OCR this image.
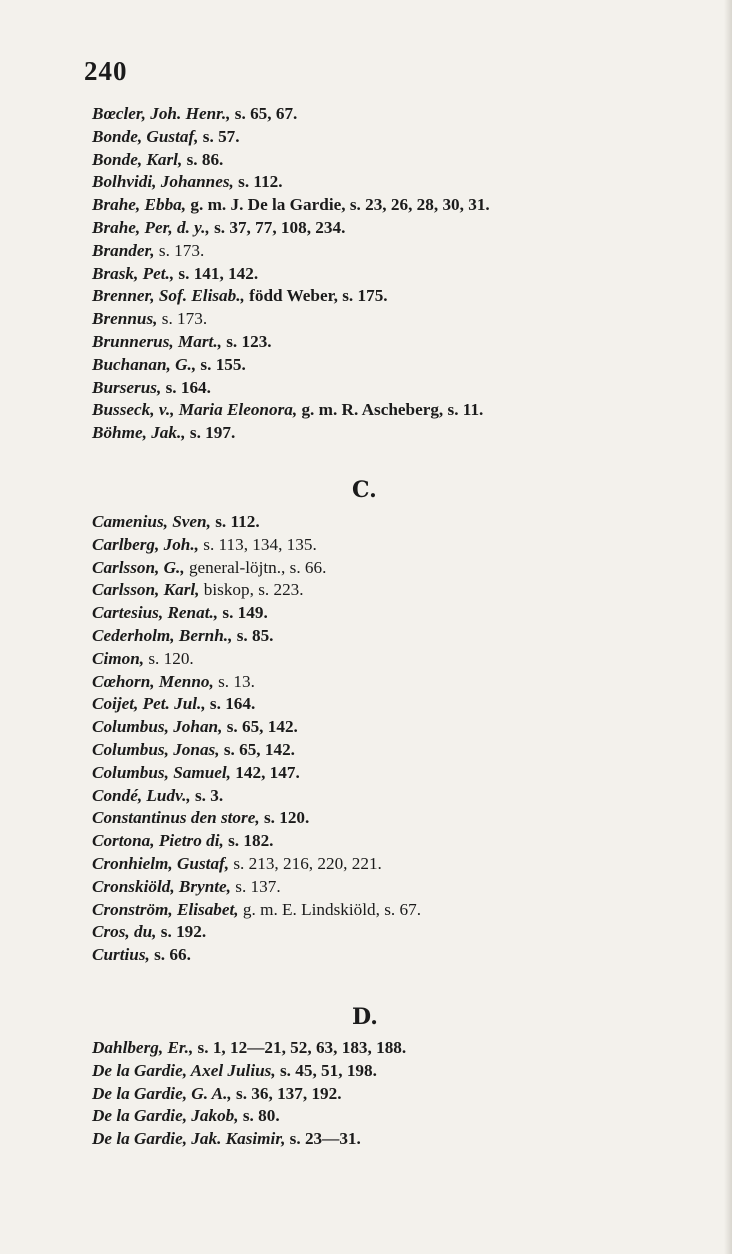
240
Bœcler, Joh. Henr., s. 65, 67.
Bonde, Gustaf, s. 57.
Bonde, Karl, s. 86.
Bolhvidi, Johannes, s. 112.
Brahe, Ebba, g. m. J. De la Gardie, s. 23, 26, 28, 30, 31.
Brahe, Per, d. y., s. 37, 77, 108, 234.
Brander, s. 173.
Brask, Pet., s. 141, 142.
Brenner, Sof. Elisab., född Weber, s. 175.
Brennus, s. 173.
Brunnerus, Mart., s. 123.
Buchanan, G., s. 155.
Burserus, s. 164.
Busseck, v., Maria Eleonora, g. m. R. Ascheberg, s. 11.
Böhme, Jak., s. 197.
C.
Camenius, Sven, s. 112.
Carlberg, Joh., s. 113, 134, 135.
Carlsson, G., general-löjtn., s. 66.
Carlsson, Karl, biskop, s. 223.
Cartesius, Renat., s. 149.
Cederholm, Bernh., s. 85.
Cimon, s. 120.
Cœhorn, Menno, s. 13.
Coijet, Pet. Jul., s. 164.
Columbus, Johan, s. 65, 142.
Columbus, Jonas, s. 65, 142.
Columbus, Samuel, 142, 147.
Condé, Ludv., s. 3.
Constantinus den store, s. 120.
Cortona, Pietro di, s. 182.
Cronhielm, Gustaf, s. 213, 216, 220, 221.
Cronskiöld, Brynte, s. 137.
Cronström, Elisabet, g. m. E. Lindskiöld, s. 67.
Cros, du, s. 192.
Curtius, s. 66.
D.
Dahlberg, Er., s. 1, 12—21, 52, 63, 183, 188.
De la Gardie, Axel Julius, s. 45, 51, 198.
De la Gardie, G. A., s. 36, 137, 192.
De la Gardie, Jakob, s. 80.
De la Gardie, Jak. Kasimir, s. 23—31.
